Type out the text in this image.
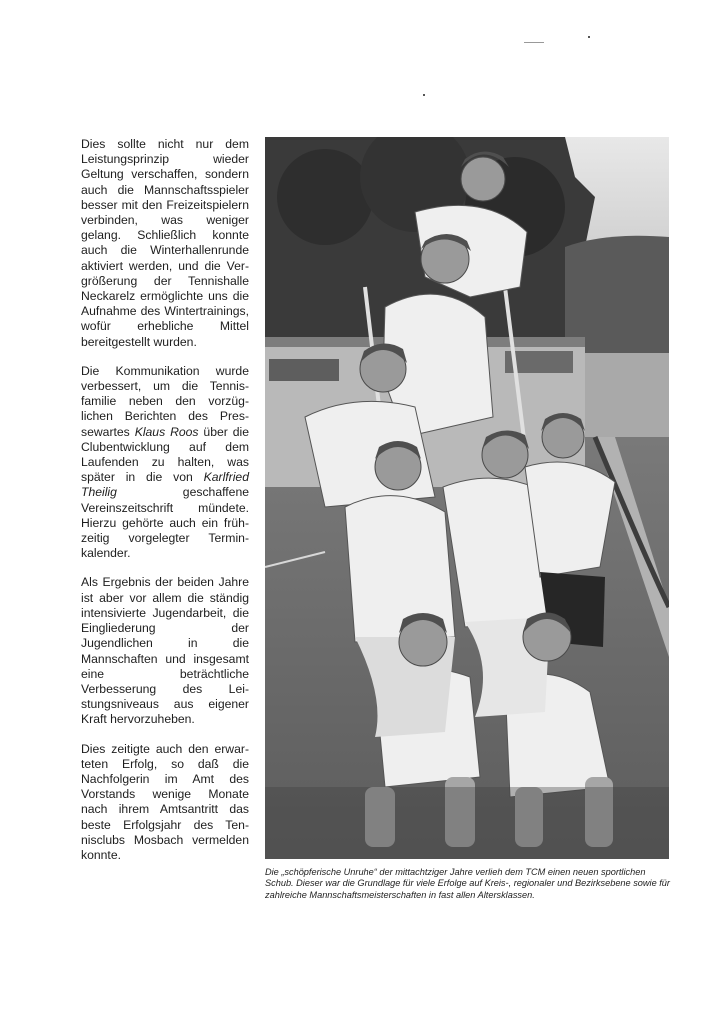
Dies sollte nicht nur dem Leistungsprinzip wieder Geltung verschaffen, sondern auch die Mannschaftsspieler besser mit den Freizeitspielern verbinden, was weniger gelang. Schließlich konnte auch die Winterhallenrunde aktiviert werden, und die Vergrößerung der Tennishalle Neckarelz ermöglichte uns die Aufnahme des Wintertrainings, wofür erhebliche Mittel bereitgestellt wurden.

Die Kommunikation wurde verbessert, um die Tennisfamilie neben den vorzüglichen Berichten des Pressewartes Klaus Roos über die Clubentwicklung auf dem Laufenden zu halten, was später in die von Karlfried Theilig geschaffene Vereinszeitschrift mündete. Hierzu gehörte auch ein frühzeitig vorgelegter Terminkalender.

Als Ergebnis der beiden Jahre ist aber vor allem die ständig intensivierte Jugendarbeit, die Eingliederung der Jugendlichen in die Mannschaften und insgesamt eine beträchtliche Verbesserung des Leistungsniveaus aus eigener Kraft hervorzuheben.

Dies zeitigte auch den erwarteten Erfolg, so daß die Nachfolgerin im Amt des Vorstands wenige Monate nach ihrem Amtsantritt das beste Erfolgsjahr des Tennisclubs Mosbach vermelden konnte.

Die „schöpferische Unruhe“ der mittachtziger Jahre verlieh dem TCM einen neuen sportlichen Schub. Dieser war die Grundlage für viele Erfolge auf Kreis-, regionaler und Bezirksebene sowie für zahlreiche Mannschaftsmeisterschaften in fast allen Altersklassen.
